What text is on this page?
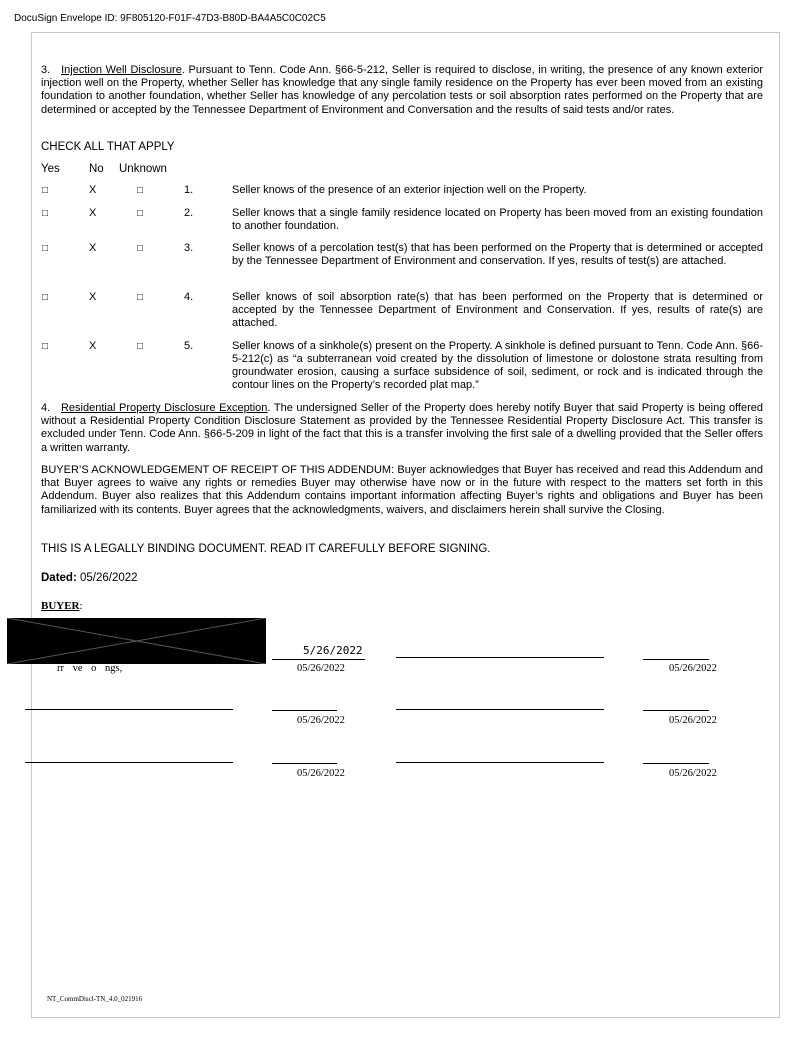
DocuSign Envelope ID: 9F805120-F01F-47D3-B80D-BA4A5C0C02C5
3. Injection Well Disclosure. Pursuant to Tenn. Code Ann. §66-5-212, Seller is required to disclose, in writing, the presence of any known exterior injection well on the Property, whether Seller has knowledge that any single family residence on the Property has ever been moved from an existing foundation to another foundation, whether Seller has knowledge of any percolation tests or soil absorption rates performed on the Property that are determined or accepted by the Tennessee Department of Environment and Conversation and the results of said tests and/or rates.
CHECK ALL THAT APPLY
Yes	No Unknown
□	X	□	1.	Seller knows of the presence of an exterior injection well on the Property.
□	X	□	2.	Seller knows that a single family residence located on Property has been moved from an existing foundation to another foundation.
□	X	□	3.	Seller knows of a percolation test(s) that has been performed on the Property that is determined or accepted by the Tennessee Department of Environment and conservation. If yes, results of test(s) are attached.
□	X	□	4.	Seller knows of soil absorption rate(s) that has been performed on the Property that is determined or accepted by the Tennessee Department of Environment and Conservation. If yes, results of rate(s) are attached.
□	X	□	5.	Seller knows of a sinkhole(s) present on the Property. A sinkhole is defined pursuant to Tenn. Code Ann. §66-5-212(c) as “a subterranean void created by the dissolution of limestone or dolostone strata resulting from groundwater erosion, causing a surface subsidence of soil, sediment, or rock and is indicated through the contour lines on the Property’s recorded plat map.”
4. Residential Property Disclosure Exception. The undersigned Seller of the Property does hereby notify Buyer that said Property is being offered without a Residential Property Condition Disclosure Statement as provided by the Tennessee Residential Property Disclosure Act. This transfer is excluded under Tenn. Code Ann. §66-5-209 in light of the fact that this is a transfer involving the first sale of a dwelling provided that the Seller offers a written warranty.
BUYER’S ACKNOWLEDGEMENT OF RECEIPT OF THIS ADDENDUM: Buyer acknowledges that Buyer has received and read this Addendum and that Buyer agrees to waive any rights or remedies Buyer may otherwise have now or in the future with respect to the matters set forth in this Addendum. Buyer also realizes that this Addendum contains important information affecting Buyer’s rights and obligations and Buyer has been familiarized with its contents. Buyer agrees that the acknowledgments, waivers, and disclaimers herein shall survive the Closing.
THIS IS A LEGALLY BINDING DOCUMENT. READ IT CAREFULLY BEFORE SIGNING.
Dated: 05/26/2022
BUYER:
5/26/2022
rr ve o ngs,	05/26/2022	05/26/2022
05/26/2022	05/26/2022
05/26/2022	05/26/2022
NT_CommDiscl-TN_4.0_021916
